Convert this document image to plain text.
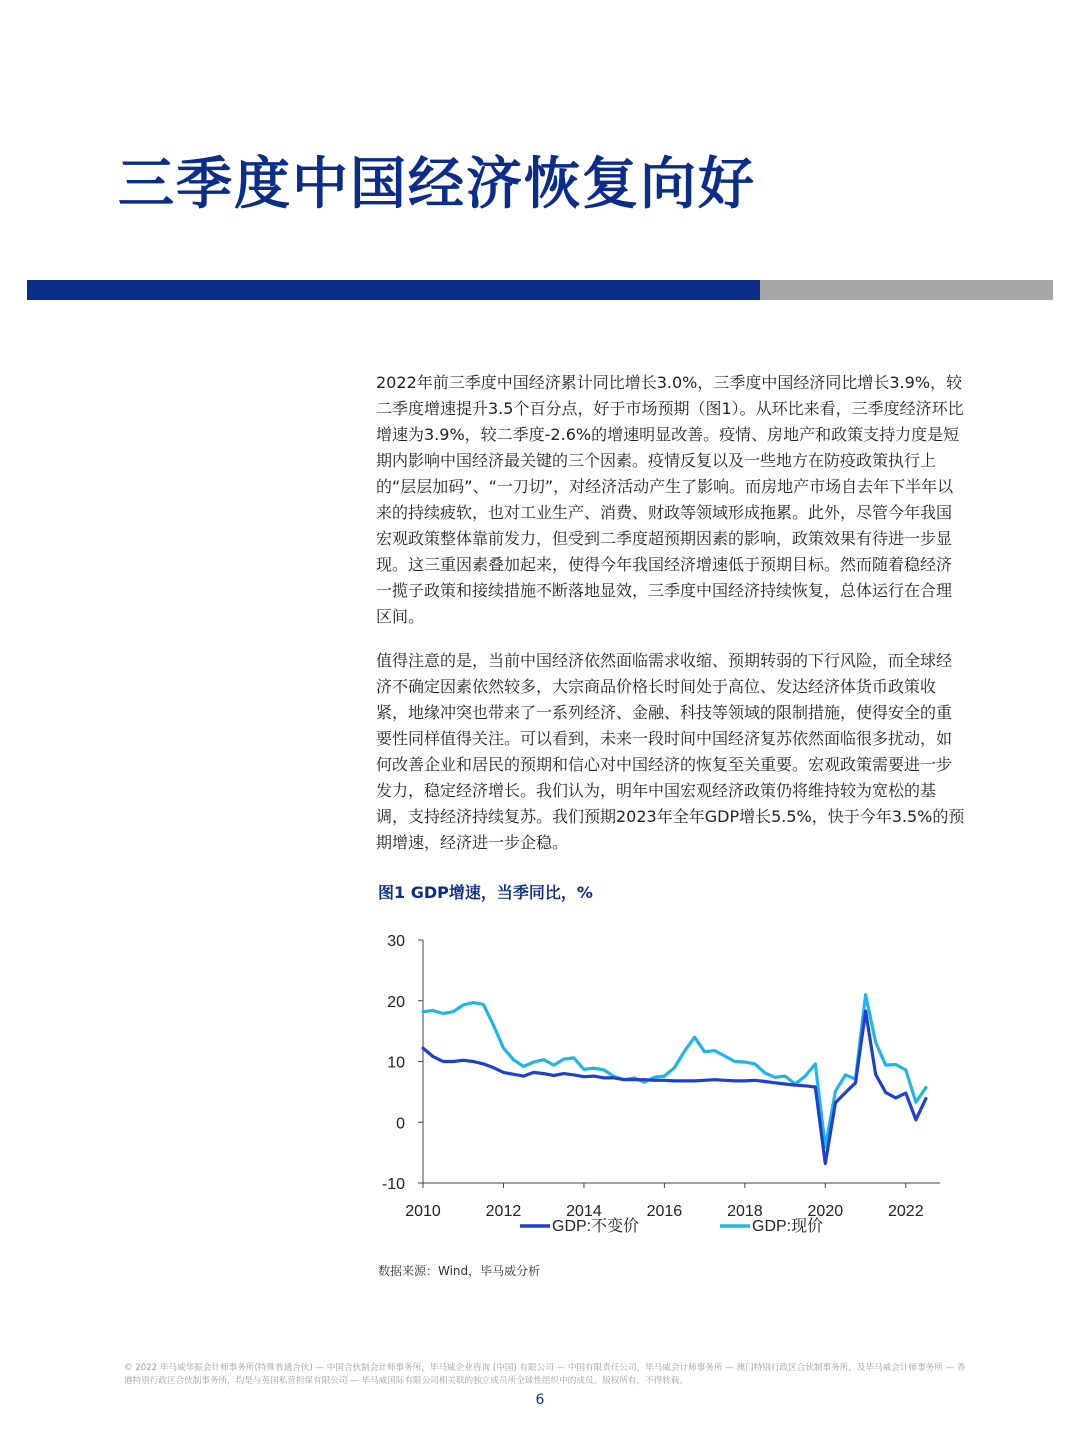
三季度中国经济恢复向好

2022年前三季度中国经济累计同比增长3.0%，三季度中国经济同比增长3.9%，较二季度增速提升3.5个百分点，好于市场预期（图1）。从环比来看，三季度经济环比增速为3.9%，较二季度-2.6%的增速明显改善。疫情、房地产和政策支持力度是短期内影响中国经济最关键的三个因素。疫情反复以及一些地方在防疫政策执行上的“层层加码”、“一刀切”，对经济活动产生了影响。而房地产市场自去年下半年以来的持续疲软，也对工业生产、消费、财政等领域形成拖累。此外，尽管今年我国宏观政策整体靠前发力，但受到二季度超预期因素的影响，政策效果有待进一步显现。这三重因素叠加起来，使得今年我国经济增速低于预期目标。然而随着稳经济一揽子政策和接续措施不断落地显效，三季度中国经济持续恢复，总体运行在合理区间。

值得注意的是，当前中国经济依然面临需求收缩、预期转弱的下行风险，而全球经济不确定因素依然较多，大宗商品价格长时间处于高位、发达经济体货币政策收紧，地缘冲突也带来了一系列经济、金融、科技等领域的限制措施，使得安全的重要性同样值得关注。可以看到，未来一段时间中国经济复苏依然面临很多扰动，如何改善企业和居民的预期和信心对中国经济的恢复至关重要。宏观政策需要进一步发力，稳定经济增长。我们认为，明年中国宏观经济政策仍将维持较为宽松的基调，支持经济持续复苏。我们预期2023年全年GDP增长5.5%，快于今年3.5%的预期增速，经济进一步企稳。

图1 GDP增速，当季同比，%
30
20
10
0
-10
2010	2012	2014	2016	2018	2020	2022
GDP:不变价	GDP:现价
数据来源：Wind，毕马威分析

© 2022 毕马威华振会计师事务所(特殊普通合伙) — 中国合伙制会计师事务所，毕马威企业咨询 (中国) 有限公司 — 中国有限责任公司，毕马威会计师事务所 — 澳门特别行政区合伙制事务所，及毕马威会计师事务所 — 香港特别行政区合伙制事务所，均是与英国私营担保有限公司 — 毕马威国际有限公司相关联的独立成员所全球性组织中的成员。版权所有，不得转载。

6
